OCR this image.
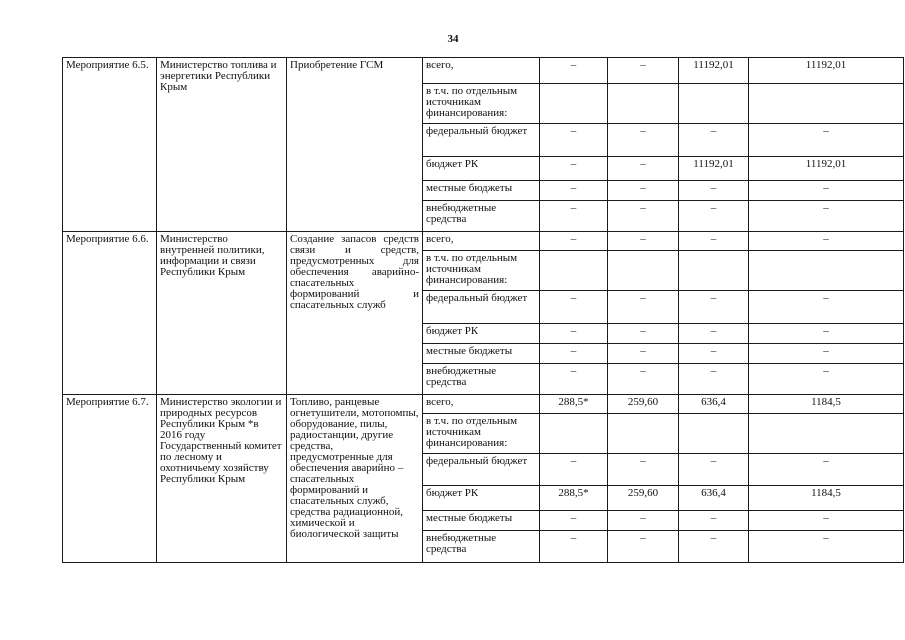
34
Мероприятие 6.5.	Министерство топлива и энергетики Республики Крым	Приобретение ГСМ	всего,	–	–	11192,01	11192,01
			в т.ч. по отдельным источникам финансирования:				
			федеральный бюджет	–	–	–	–
			бюджет РК	–	–	11192,01	11192,01
			местные бюджеты	–	–	–	–
			внебюджетные средства	–	–	–	–
Мероприятие 6.6.	Министерство внутренней политики, информации и связи Республики Крым	Создание запасов средств связи и средств, предусмотренных для обеспечения аварийно-спасательных формирований и спасательных служб	всего,	–	–	–	–
			в т.ч. по отдельным источникам финансирования:				
			федеральный бюджет	–	–	–	–
			бюджет РК	–	–	–	–
			местные бюджеты	–	–	–	–
			внебюджетные средства	–	–	–	–
Мероприятие 6.7.	Министерство экологии и природных ресурсов Республики Крым *в 2016 году Государственный комитет по лесному и охотничьему хозяйству Республики Крым	Топливо, ранцевые огнетушители, мотопомпы, оборудование, пилы, радиостанции, другие средства, предусмотренные для обеспечения аварийно – спасательных формирований и спасательных служб, средства радиационной, химической и биологической защиты	всего,	288,5*	259,60	636,4	1184,5
			в т.ч. по отдельным источникам финансирования:				
			федеральный бюджет	–	–	–	–
			бюджет РК	288,5*	259,60	636,4	1184,5
			местные бюджеты	–	–	–	–
			внебюджетные средства	–	–	–	–
